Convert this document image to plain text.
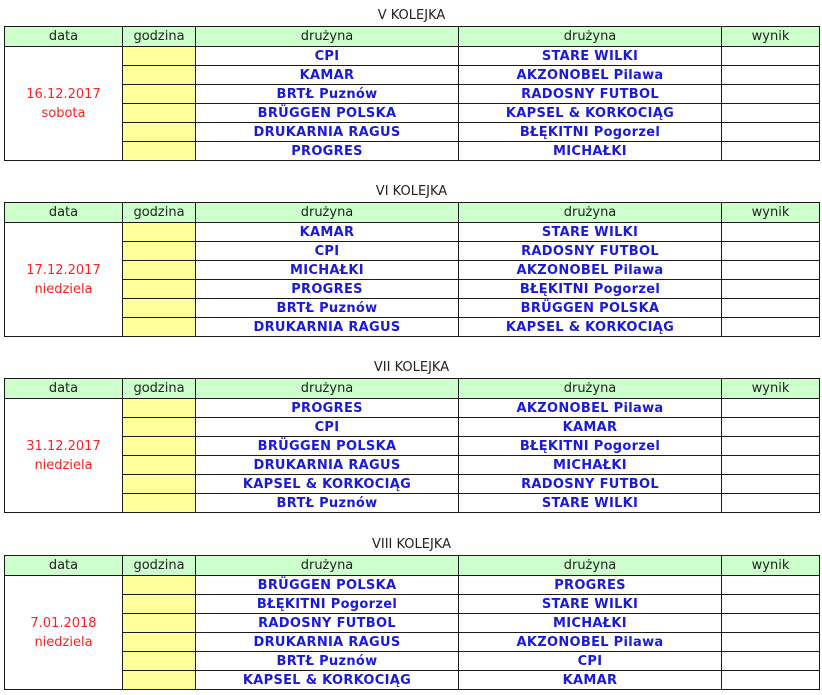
V KOLEJKA
data	godzina	drużyna	drużyna	wynik

16.12.2017
sobota		CPI	STARE WILKI	
		KAMAR	AKZONOBEL Pilawa	
		BRTŁ Puznów	RADOSNY FUTBOL	
		BRÜGGEN POLSKA	KAPSEL & KORKOCIĄG	
		DRUKARNIA RAGUS	BŁĘKITNI Pogorzel	
		PROGRES	MICHAŁKI	
VI KOLEJKA
data	godzina	drużyna	drużyna	wynik

17.12.2017
niedziela		KAMAR	STARE WILKI	
		CPI	RADOSNY FUTBOL	
		MICHAŁKI	AKZONOBEL Pilawa	
		PROGRES	BŁĘKITNI Pogorzel	
		BRTŁ Puznów	BRÜGGEN POLSKA	
		DRUKARNIA RAGUS	KAPSEL & KORKOCIĄG	
VII KOLEJKA
data	godzina	drużyna	drużyna	wynik

31.12.2017
niedziela		PROGRES	AKZONOBEL Pilawa	
		CPI	KAMAR	
		BRÜGGEN POLSKA	BŁĘKITNI Pogorzel	
		DRUKARNIA RAGUS	MICHAŁKI	
		KAPSEL & KORKOCIĄG	RADOSNY FUTBOL	
		BRTŁ Puznów	STARE WILKI	
VIII KOLEJKA
data	godzina	drużyna	drużyna	wynik

7.01.2018
niedziela		BRÜGGEN POLSKA	PROGRES	
		BŁĘKITNI Pogorzel	STARE WILKI	
		RADOSNY FUTBOL	MICHAŁKI	
		DRUKARNIA RAGUS	AKZONOBEL Pilawa	
		BRTŁ Puznów	CPI	
		KAPSEL & KORKOCIĄG	KAMAR	
